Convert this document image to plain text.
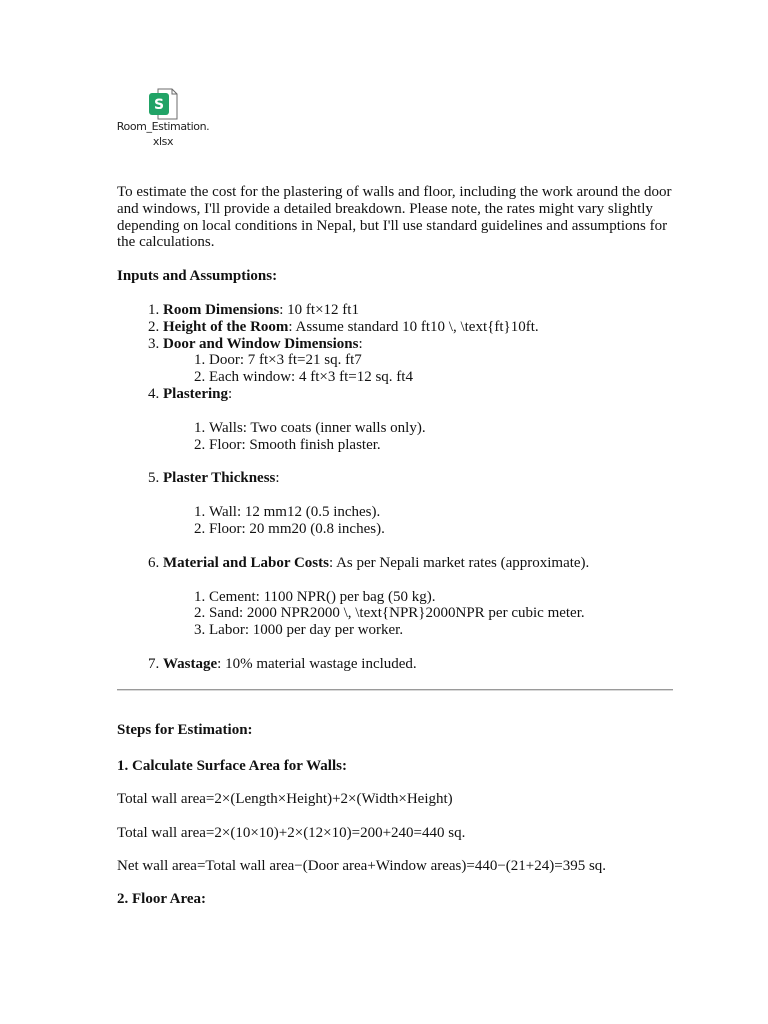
S
Room_Estimation.
xlsx

To estimate the cost for the plastering of walls and floor, including the work around the door and windows, I'll provide a detailed breakdown. Please note, the rates might vary slightly depending on local conditions in Nepal, but I'll use standard guidelines and assumptions for the calculations.

Inputs and Assumptions:

1. Room Dimensions: 10 ft×12 ft1
2. Height of the Room: Assume standard 10 ft10 \, \text{ft}10ft.
3. Door and Window Dimensions:
1. Door: 7 ft×3 ft=21 sq. ft7
2. Each window: 4 ft×3 ft=12 sq. ft4
4. Plastering:
1. Walls: Two coats (inner walls only).
2. Floor: Smooth finish plaster.
5. Plaster Thickness:
1. Wall: 12 mm12 (0.5 inches).
2. Floor: 20 mm20 (0.8 inches).
6. Material and Labor Costs: As per Nepali market rates (approximate).
1. Cement: 1100 NPR() per bag (50 kg).
2. Sand: 2000 NPR2000 \, \text{NPR}2000NPR per cubic meter.
3. Labor: 1000 per day per worker.
7. Wastage: 10% material wastage included.

Steps for Estimation:

1. Calculate Surface Area for Walls:

Total wall area=2×(Length×Height)+2×(Width×Height)

Total wall area=2×(10×10)+2×(12×10)=200+240=440 sq.

Net wall area=Total wall area−(Door area+Window areas)=440−(21+24)=395 sq.

2. Floor Area:
